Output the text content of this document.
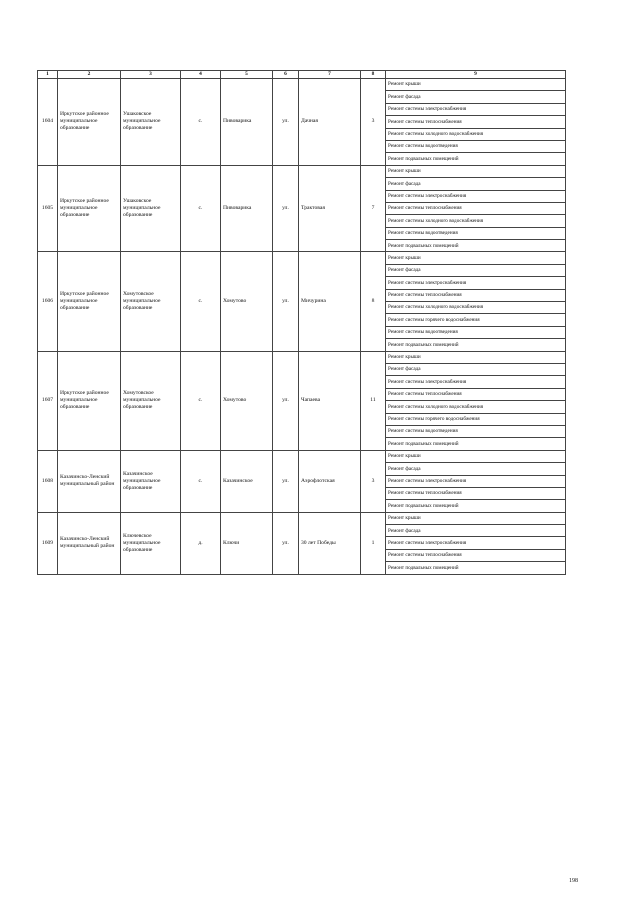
1	2	3	4	5	6	7	8	9
1604	Иркутское районное муниципальное образование	Ушаковское муниципальное образование	с.	Пивоварика	ул.	Дачная	3	Ремонт крыши
								Ремонт фасада
								Ремонт системы электроснабжения
								Ремонт системы теплоснабжения
								Ремонт системы холодного водоснабжения
								Ремонт системы водоотведения
								Ремонт подвальных помещений
1605	Иркутское районное муниципальное образование	Ушаковское муниципальное образование	с.	Пивоварика	ул.	Трактовая	7	Ремонт крыши
								Ремонт фасада
								Ремонт системы электроснабжения
								Ремонт системы теплоснабжения
								Ремонт системы холодного водоснабжения
								Ремонт системы водоотведения
								Ремонт подвальных помещений
1606	Иркутское районное муниципальное образование	Хомутовское муниципальное образование	с.	Хомутово	ул.	Мичурина	8	Ремонт крыши
								Ремонт фасада
								Ремонт системы электроснабжения
								Ремонт системы теплоснабжения
								Ремонт системы холодного водоснабжения
								Ремонт системы горячего водоснабжения
								Ремонт системы водоотведения
								Ремонт подвальных помещений
1607	Иркутское районное муниципальное образование	Хомутовское муниципальное образование	с.	Хомутово	ул.	Чапаева	11	Ремонт крыши
								Ремонт фасада
								Ремонт системы электроснабжения
								Ремонт системы теплоснабжения
								Ремонт системы холодного водоснабжения
								Ремонт системы горячего водоснабжения
								Ремонт системы водоотведения
								Ремонт подвальных помещений
1608	Казачинско-Ленский муниципальный район	Казачинское муниципальное образование	с.	Казачинское	ул.	Аэрофлотская	3	Ремонт крыши
								Ремонт фасада
								Ремонт системы электроснабжения
								Ремонт системы теплоснабжения
								Ремонт подвальных помещений
1609	Казачинско-Ленский муниципальный район	Ключевское муниципальное образование	д.	Ключи	ул.	30 лет Победы	1	Ремонт крыши
								Ремонт фасада
								Ремонт системы электроснабжения
								Ремонт системы теплоснабжения
								Ремонт подвальных помещений
198
